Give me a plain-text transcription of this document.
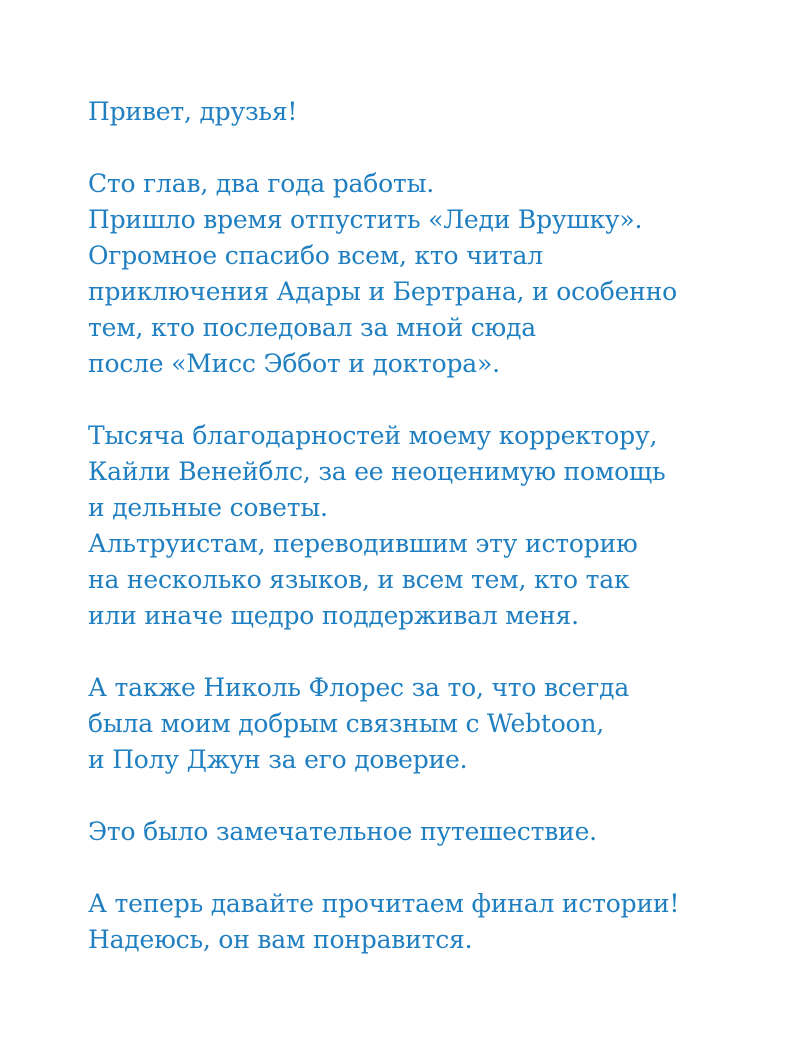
Привет, друзья!
Сто глав, два года работы.
Пришло время отпустить «Леди Врушку».
Огромное спасибо всем, кто читал
приключения Адары и Бертрана, и особенно
тем, кто последовал за мной сюда
после «Мисс Эббот и доктора».
Тысяча благодарностей моему корректору,
Кайли Венейблс, за ее неоценимую помощь
и дельные советы.
Альтруистам, переводившим эту историю
на несколько языков, и всем тем, кто так
или иначе щедро поддерживал меня.
А также Николь Флорес за то, что всегда
была моим добрым связным с Webtoon,
и Полу Джун за его доверие.
Это было замечательное путешествие.
А теперь давайте прочитаем финал истории!
Надеюсь, он вам понравится.
